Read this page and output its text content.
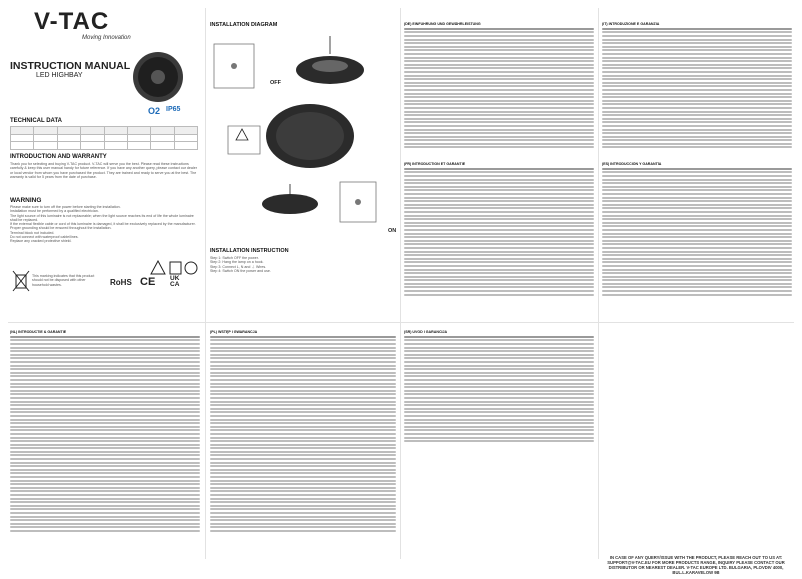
V-TAC
Moving Innovation
INSTRUCTION MANUAL
LED HIGHBAY
O2 IP65
TECHNICAL DATA

INTRODUCTION AND WARRANTY
Thank you for selecting and buying V-TAC product. V-TAC will serve you the best. Please read these instructions carefully & keep this user manual handy for future reference. If you have any another query, please contact our dealer or local vendor from whom you have purchased the product. They are trained and ready to serve you at the best. The warranty is valid for 5 years from the date of purchase.
WARNING
Please make sure to turn off the power before starting the installation.
Installation must be performed by a qualified electrician.
The light source of this luminaire is not replaceable; when the light source reaches its end of life the whole luminaire shall be replaced.
If the external flexible cable or cord of this luminaire is damaged, it shall be exclusively replaced by the manufacturer.
Proper grounding should be ensured throughout the installation.
Terminal block not included.
Do not connect with waterproof cable/lines.
Replace any cracked protective shield.
This marking indicates that this product should not be disposed with other household wastes.	RoHS CE UK CA
INSTALLATION DIAGRAM
OFF
ON
INSTALLATION INSTRUCTION
Step 1: Switch OFF the power.
Step 2: Hang the lamp on a hook.
Step 3: Connect L, N and ⏚ Wires.
Step 4: Switch ON the power and use.
(DE) EINFÜHRUNG UND GEWÄHRLEISTUNG
(FR) INTRODUCTION ET GARANTIE
(IT) INTRODUZIONE E GARANZIA
(ES) INTRODUCCIÓN Y GARANTÍA
(NL) INTRODUCTIE & GARANTIE	(PL) WSTĘP I GWARANCJA	(SR) UVOD I GARANCIJA
IN CASE OF ANY QUERY/ISSUE WITH THE PRODUCT, PLEASE REACH OUT TO US AT: SUPPORT@V-TAC.EU FOR MORE PRODUCTS RANGE, INQUIRY PLEASE CONTACT OUR DISTRIBUTOR OR NEAREST DEALER. V-TAC EUROPE LTD. BULGARIA, PLOVDIV 4000, BUL.L.KARAVELOW 9B
